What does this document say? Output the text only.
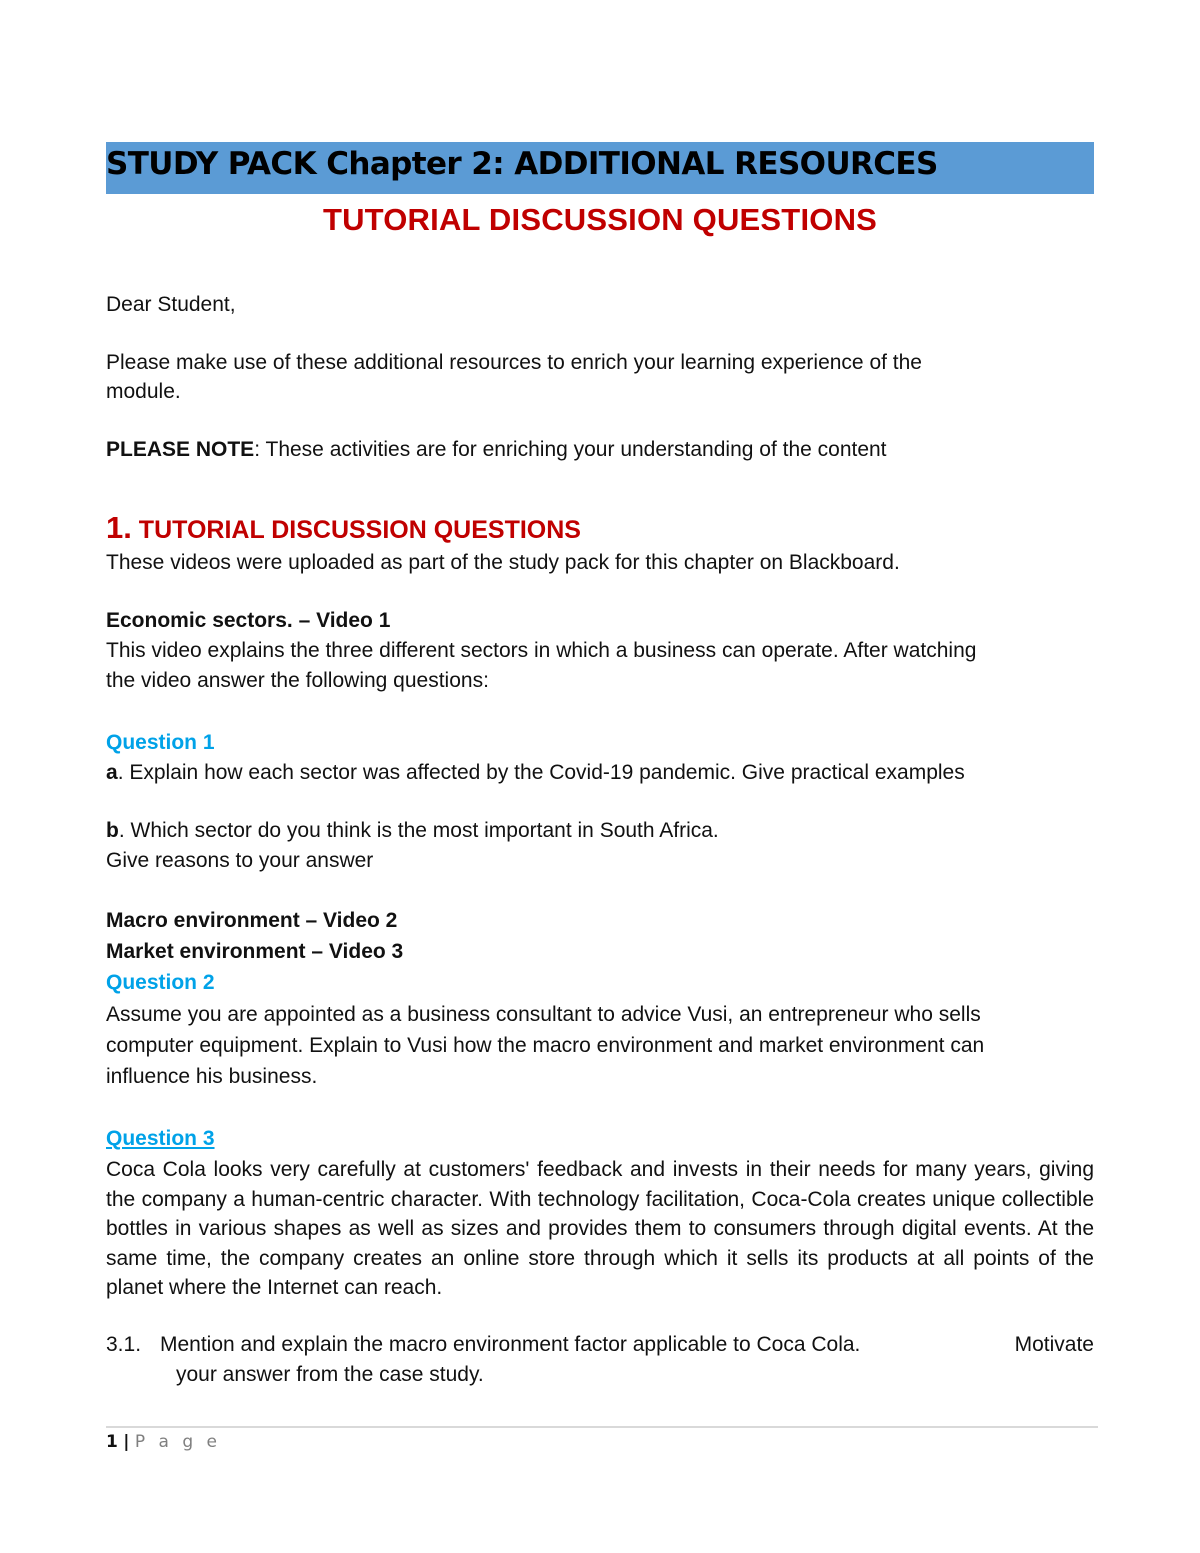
STUDY PACK Chapter 2: ADDITIONAL RESOURCES
TUTORIAL DISCUSSION QUESTIONS
Dear Student,
Please make use of these additional resources to enrich your learning experience of the
module.
PLEASE NOTE: These activities are for enriching your understanding of the content
1. TUTORIAL DISCUSSION QUESTIONS
These videos were uploaded as part of the study pack for this chapter on Blackboard.
Economic sectors. – Video 1
This video explains the three different sectors in which a business can operate. After watching
the video answer the following questions:
Question 1
a. Explain how each sector was affected by the Covid-19 pandemic. Give practical examples
b. Which sector do you think is the most important in South Africa.
Give reasons to your answer
Macro environment – Video 2
Market environment – Video 3
Question 2
Assume you are appointed as a business consultant to advice Vusi, an entrepreneur who sells
computer equipment. Explain to Vusi how the macro environment and market environment can
influence his business.
Question 3
Coca Cola looks very carefully at customers' feedback and invests in their needs for many years, giving the company a human-centric character. With technology facilitation, Coca-Cola creates unique collectible bottles in various shapes as well as sizes and provides them to consumers through digital events. At the same time, the company creates an online store through which it sells its products at all points of the planet where the Internet can reach.
3.1. Mention and explain the macro environment factor applicable to Coca Cola.	Motivate
your answer from the case study.
1 | P a g e
